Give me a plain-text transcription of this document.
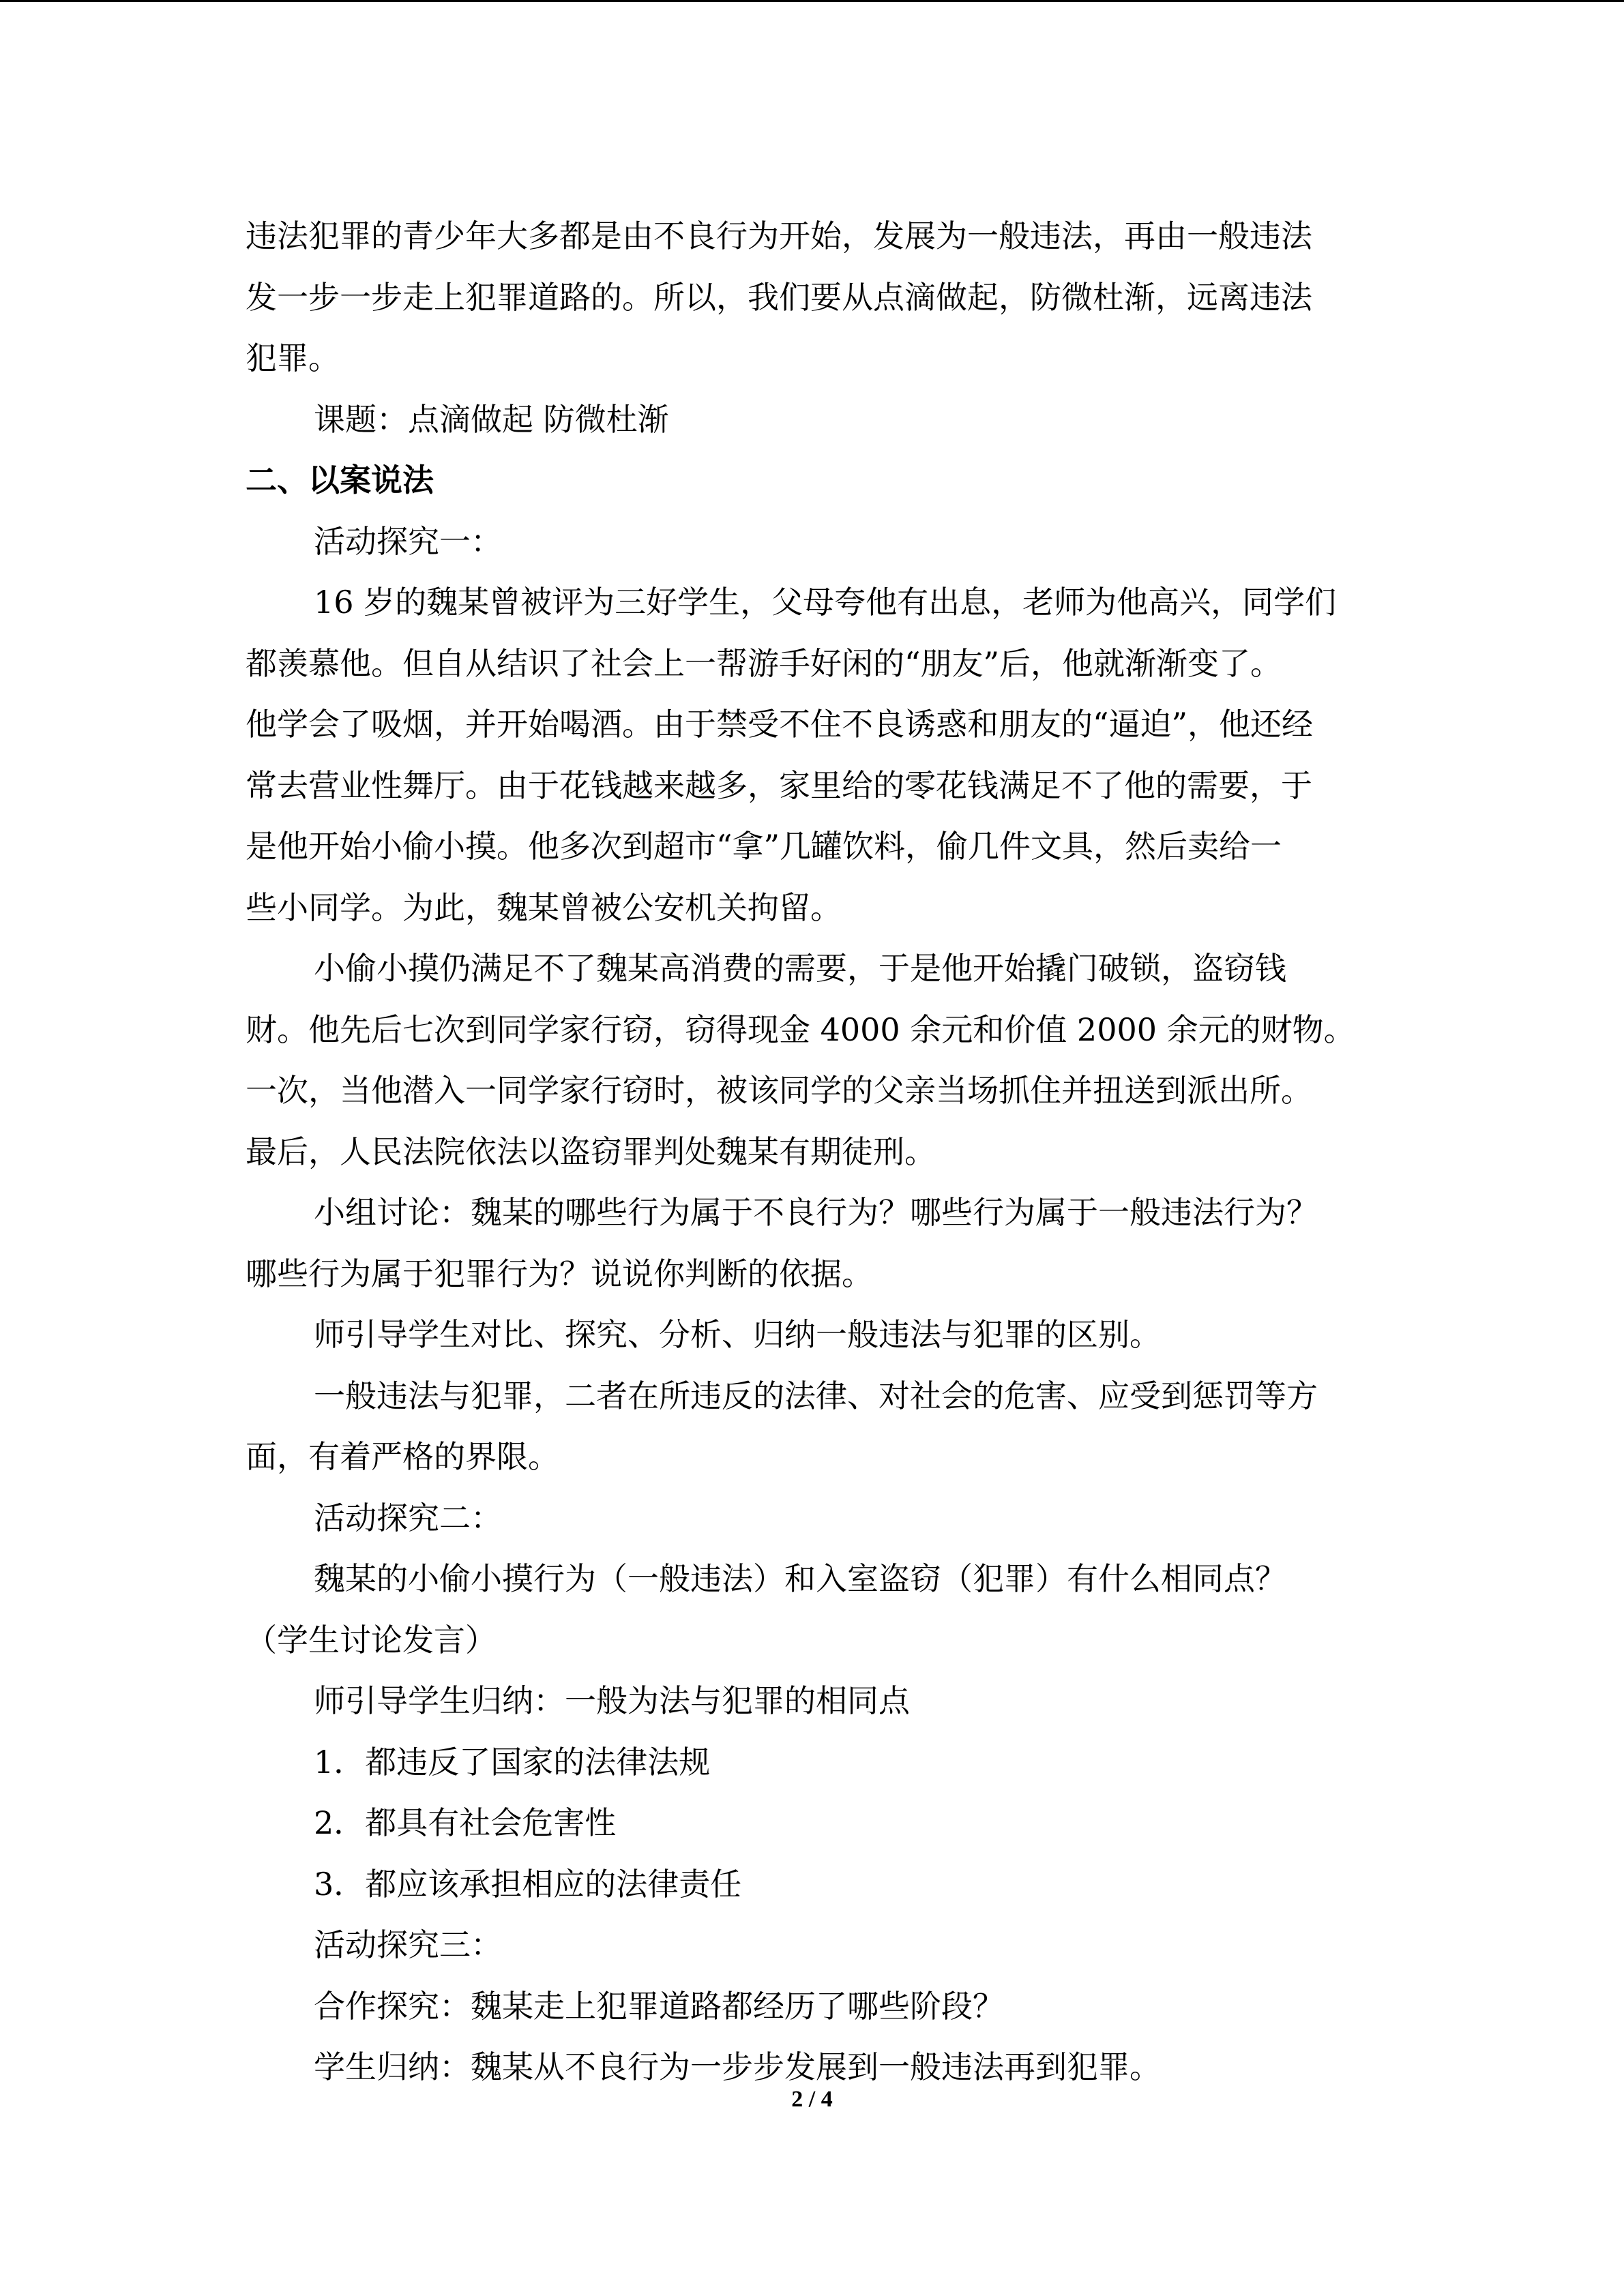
违法犯罪的青少年大多都是由不良行为开始，发展为一般违法，再由一般违法
发一步一步走上犯罪道路的。所以，我们要从点滴做起，防微杜渐，远离违法
犯罪。
课题：点滴做起 防微杜渐
二、以案说法
活动探究一：
16 岁的魏某曾被评为三好学生，父母夸他有出息，老师为他高兴，同学们
都羡慕他。但自从结识了社会上一帮游手好闲的“朋友”后，他就渐渐变了。
他学会了吸烟，并开始喝酒。由于禁受不住不良诱惑和朋友的“逼迫”，他还经
常去营业性舞厅。由于花钱越来越多，家里给的零花钱满足不了他的需要，于
是他开始小偷小摸。他多次到超市“拿”几罐饮料，偷几件文具，然后卖给一
些小同学。为此，魏某曾被公安机关拘留。
小偷小摸仍满足不了魏某高消费的需要，于是他开始撬门破锁，盗窃钱
财。他先后七次到同学家行窃，窃得现金 4000 余元和价值 2000 余元的财物。
一次，当他潜入一同学家行窃时，被该同学的父亲当场抓住并扭送到派出所。
最后，人民法院依法以盗窃罪判处魏某有期徒刑。
小组讨论：魏某的哪些行为属于不良行为？哪些行为属于一般违法行为？
哪些行为属于犯罪行为？说说你判断的依据。
师引导学生对比、探究、分析、归纳一般违法与犯罪的区别。
一般违法与犯罪，二者在所违反的法律、对社会的危害、应受到惩罚等方
面，有着严格的界限。
活动探究二：
魏某的小偷小摸行为（一般违法）和入室盗窃（犯罪）有什么相同点？
（学生讨论发言）
师引导学生归纳：一般为法与犯罪的相同点
1．都违反了国家的法律法规
2．都具有社会危害性
3．都应该承担相应的法律责任
活动探究三：
合作探究：魏某走上犯罪道路都经历了哪些阶段？
学生归纳：魏某从不良行为一步步发展到一般违法再到犯罪。
2 / 4
